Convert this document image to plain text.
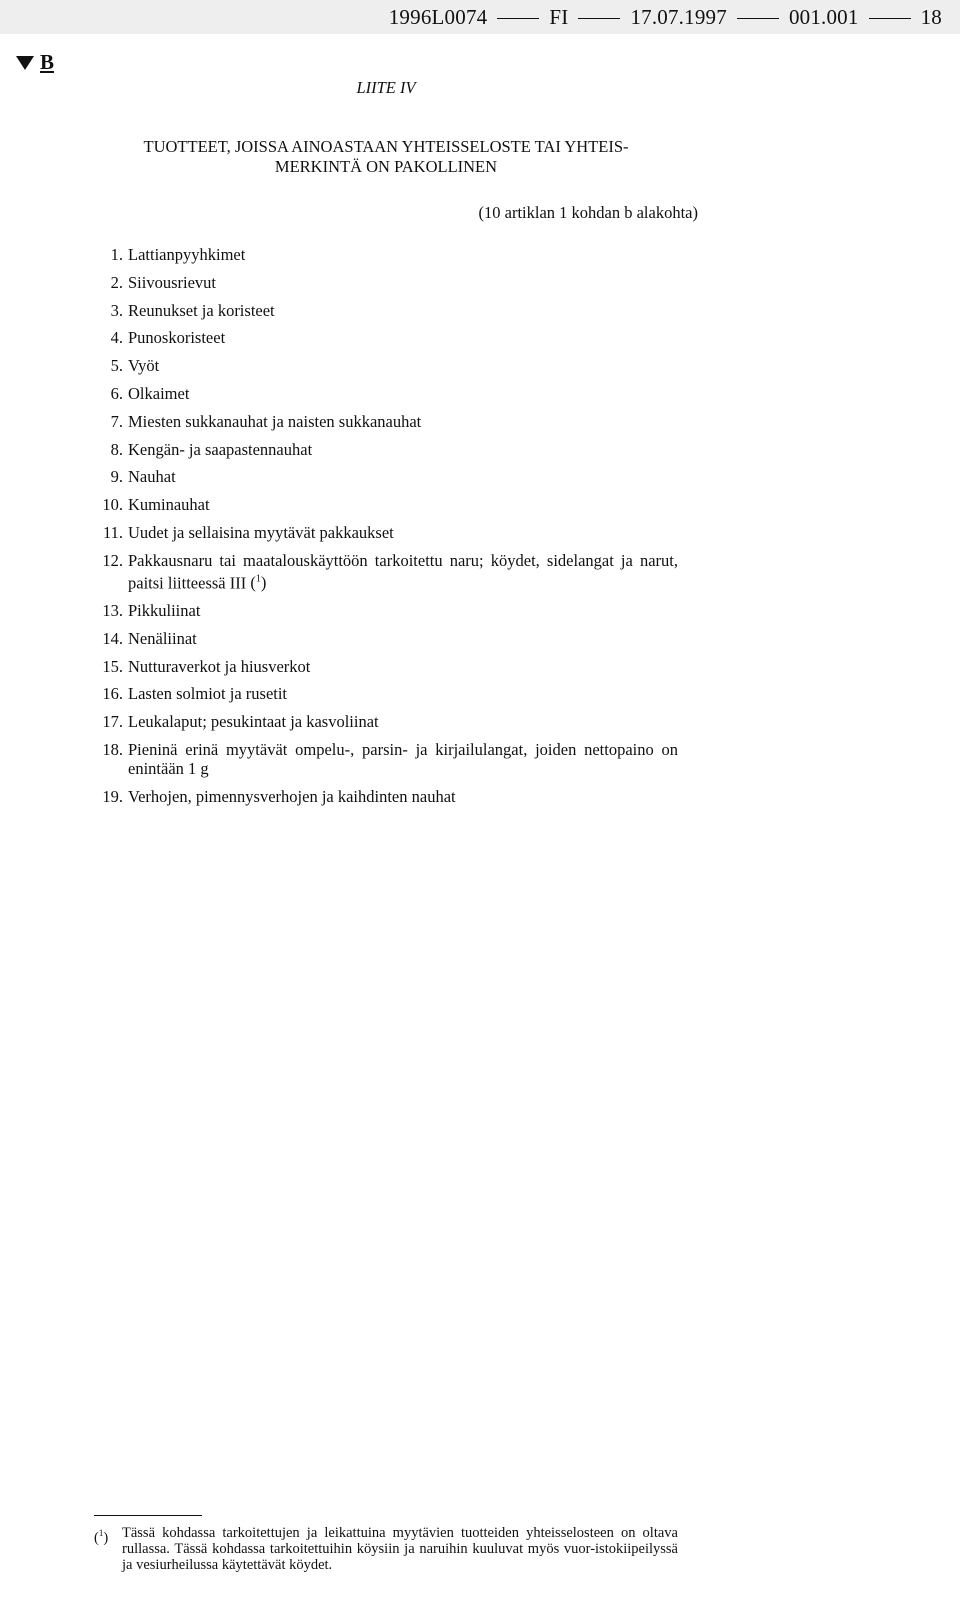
1996L0074	FI	17.07.1997	001.001	18
B
LIITE IV
TUOTTEET, JOISSA AINOASTAAN YHTEISSELOSTE TAI YHTEIS-
MERKINTÄ ON PAKOLLINEN
(10 artiklan 1 kohdan b alakohta)
1. Lattianpyyhkimet
2. Siivousrievut
3. Reunukset ja koristeet
4. Punoskoristeet
5. Vyöt
6. Olkaimet
7. Miesten sukkanauhat ja naisten sukkanauhat
8. Kengän- ja saapastennauhat
9. Nauhat
10. Kuminauhat
11. Uudet ja sellaisina myytävät pakkaukset
12. Pakkausnaru tai maatalouskäyttöön tarkoitettu naru; köydet, sidelangat ja narut, paitsi liitteessä III ($^1$)
13. Pikkuliinat
14. Nenäliinat
15. Nutturaverkot ja hiusverkot
16. Lasten solmiot ja rusetit
17. Leukalaput; pesukintaat ja kasvoliinat
18. Pieninä erinä myytävät ompelu-, parsin- ja kirjailulangat, joiden nettopaino on enintään 1 g
19. Verhojen, pimennysverhojen ja kaihdinten nauhat
($^1$) Tässä kohdassa tarkoitettujen ja leikattuina myytävien tuotteiden yhteisselosteen on oltava rullassa. Tässä kohdassa tarkoitettuihin köysiin ja naruihin kuuluvat myös vuor-istokiipeilyssä ja vesiurheilussa käytettävät köydet.
